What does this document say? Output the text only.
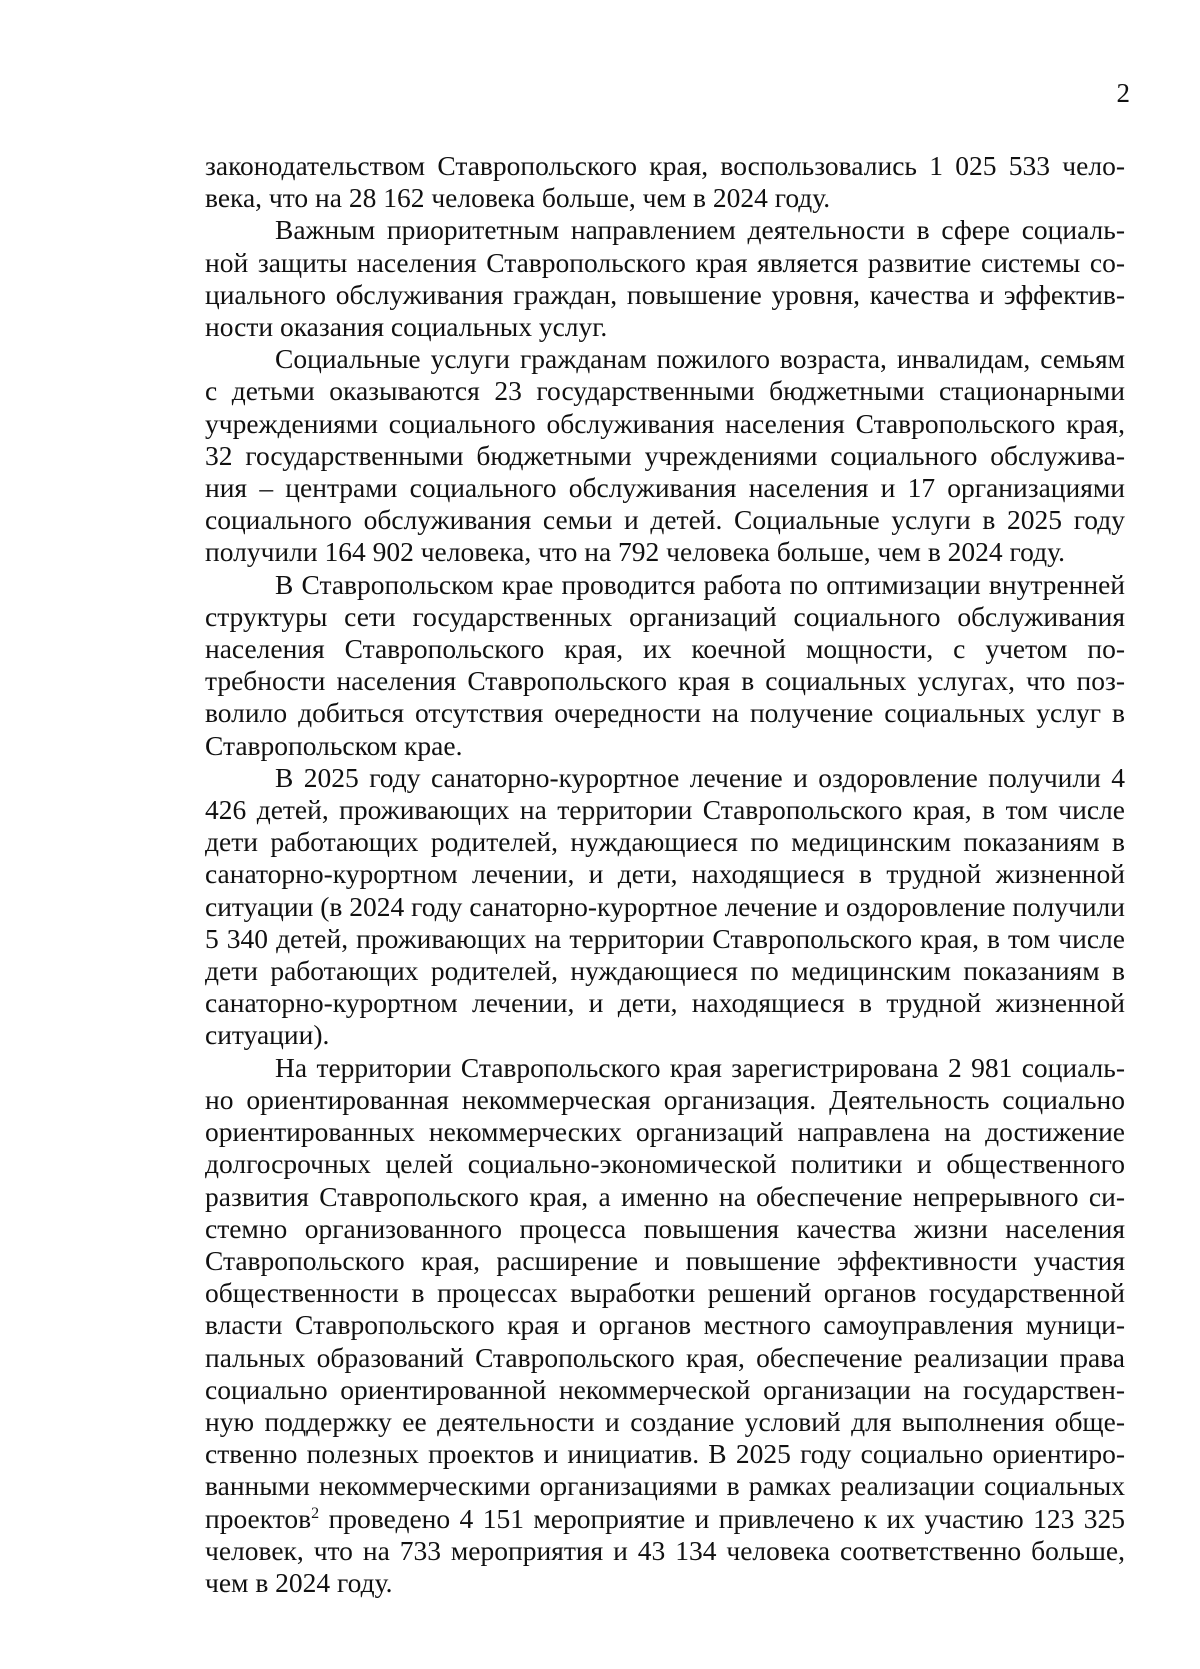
2

законодательством Ставропольского края, воспользовались 1 025 533 человека, что на 28 162 человека больше, чем в 2024 году.

Важным приоритетным направлением деятельности в сфере социальной защиты населения Ставропольского края является развитие системы социального обслуживания граждан, повышение уровня, качества и эффективности оказания социальных услуг.

Социальные услуги гражданам пожилого возраста, инвалидам, семьям с детьми оказываются 23 государственными бюджетными стационарными учреждениями социального обслуживания населения Ставропольского края, 32 государственными бюджетными учреждениями социального обслуживания – центрами социального обслуживания населения и 17 организациями социального обслуживания семьи и детей. Социальные услуги в 2025 году получили 164 902 человека, что на 792 человека больше, чем в 2024 году.

В Ставропольском крае проводится работа по оптимизации внутренней структуры сети государственных организаций социального обслуживания населения Ставропольского края, их коечной мощности, с учетом потребности населения Ставропольского края в социальных услугах, что позволило добиться отсутствия очередности на получение социальных услуг в Ставропольском крае.

В 2025 году санаторно-курортное лечение и оздоровление получили 4 426 детей, проживающих на территории Ставропольского края, в том числе дети работающих родителей, нуждающиеся по медицинским показаниям в санаторно-курортном лечении, и дети, находящиеся в трудной жизненной ситуации (в 2024 году санаторно-курортное лечение и оздоровление получили 5 340 детей, проживающих на территории Ставропольского края, в том числе дети работающих родителей, нуждающиеся по медицинским показаниям в санаторно-курортном лечении, и дети, находящиеся в трудной жизненной ситуации).

На территории Ставропольского края зарегистрирована 2 981 социально ориентированная некоммерческая организация. Деятельность социально ориентированных некоммерческих организаций направлена на достижение долгосрочных целей социально-экономической политики и общественного развития Ставропольского края, а именно на обеспечение непрерывного системно организованного процесса повышения качества жизни населения Ставропольского края, расширение и повышение эффективности участия общественности в процессах выработки решений органов государственной власти Ставропольского края и органов местного самоуправления муниципальных образований Ставропольского края, обеспечение реализации права социально ориентированной некоммерческой организации на государственную поддержку ее деятельности и создание условий для выполнения общественно полезных проектов и инициатив. В 2025 году социально ориентированными некоммерческими организациями в рамках реализации социальных проектов$^2$ проведено 4 151 мероприятие и привлечено к их участию 123 325 человек, что на 733 мероприятия и 43 134 человека соответственно больше, чем в 2024 году.
